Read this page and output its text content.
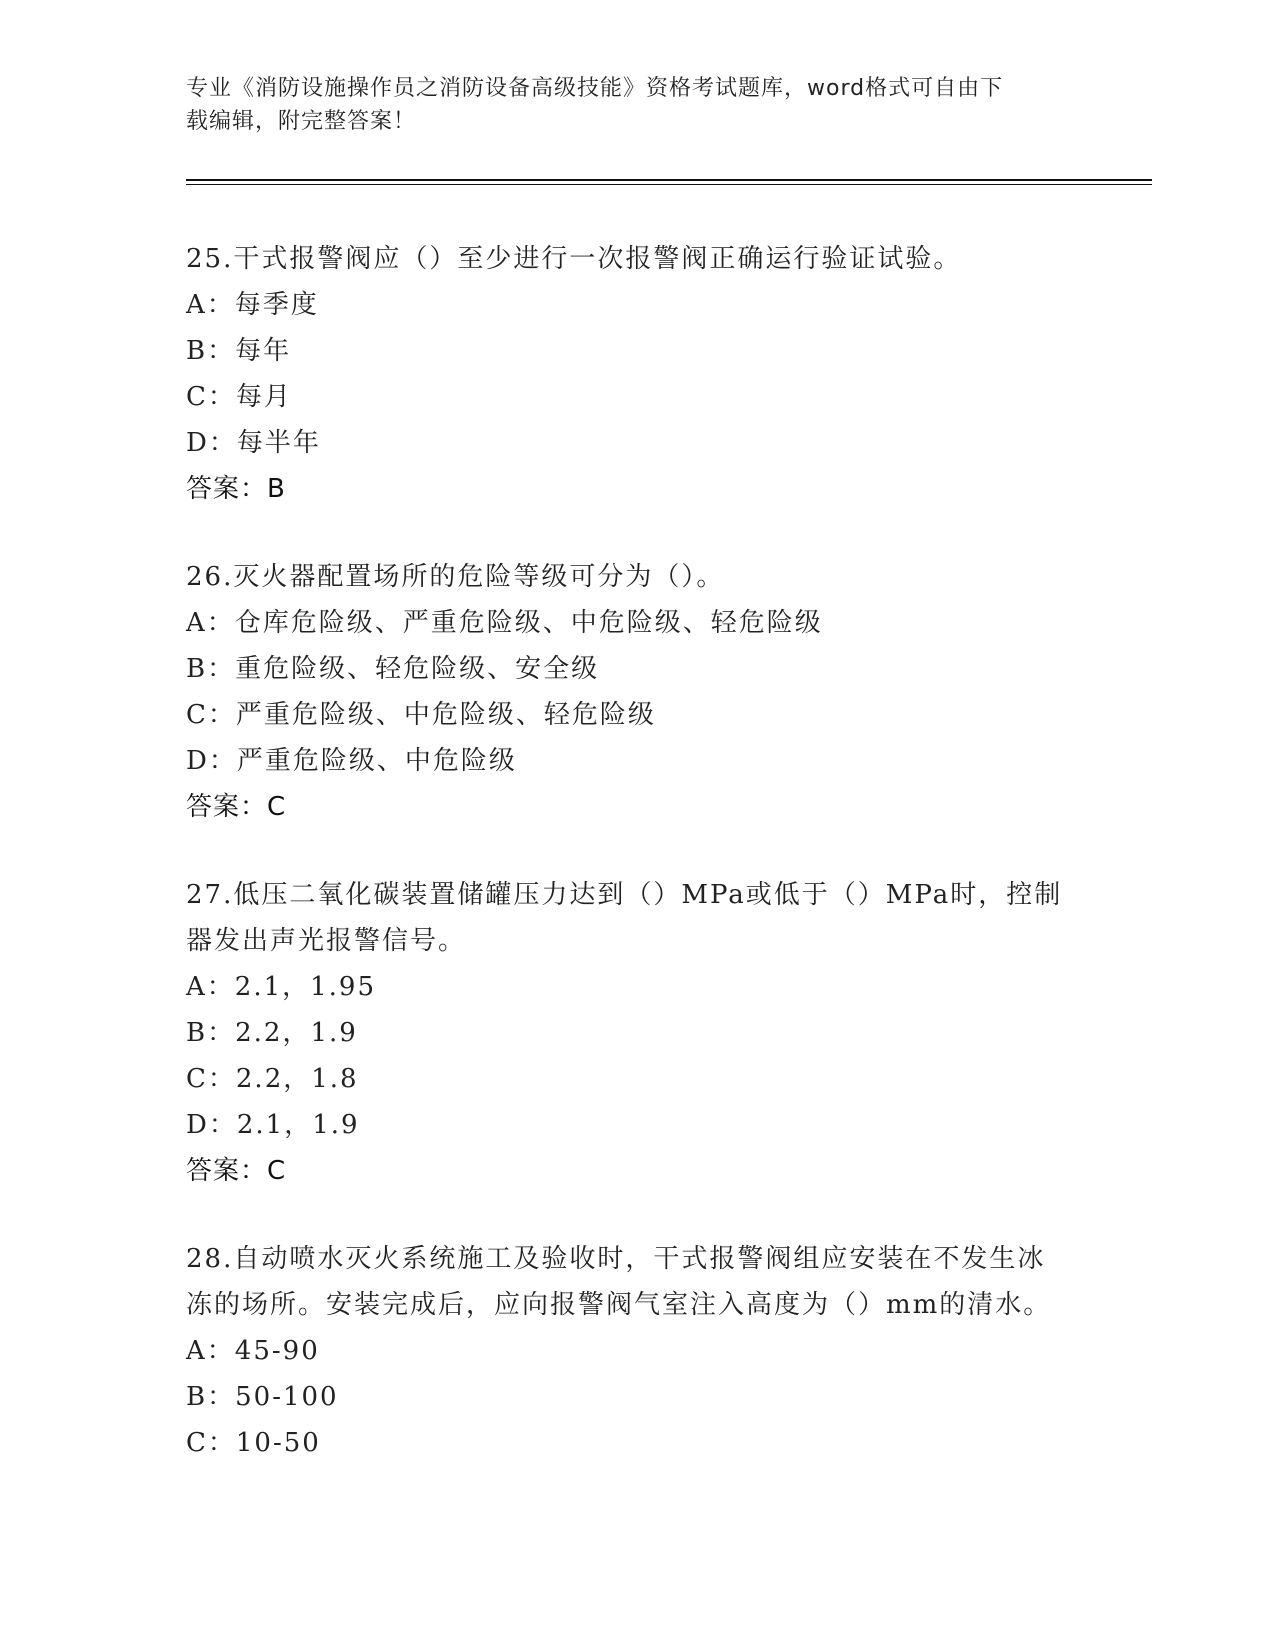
专业《消防设施操作员之消防设备高级技能》资格考试题库，word格式可自由下
载编辑，附完整答案！

25.干式报警阀应（）至少进行一次报警阀正确运行验证试验。

A：每季度

B：每年

C：每月

D：每半年

答案：B

26.灭火器配置场所的危险等级可分为（）。

A：仓库危险级、严重危险级、中危险级、轻危险级

B：重危险级、轻危险级、安全级

C：严重危险级、中危险级、轻危险级

D：严重危险级、中危险级

答案：C

27.低压二氧化碳装置储罐压力达到（）MPa或低于（）MPa时，控制

器发出声光报警信号。

A：2.1，1.95

B：2.2，1.9

C：2.2，1.8

D：2.1，1.9

答案：C

28.自动喷水灭火系统施工及验收时，干式报警阀组应安装在不发生冰

冻的场所。安装完成后，应向报警阀气室注入高度为（）mm的清水。

A：45-90

B：50-100

C：10-50
